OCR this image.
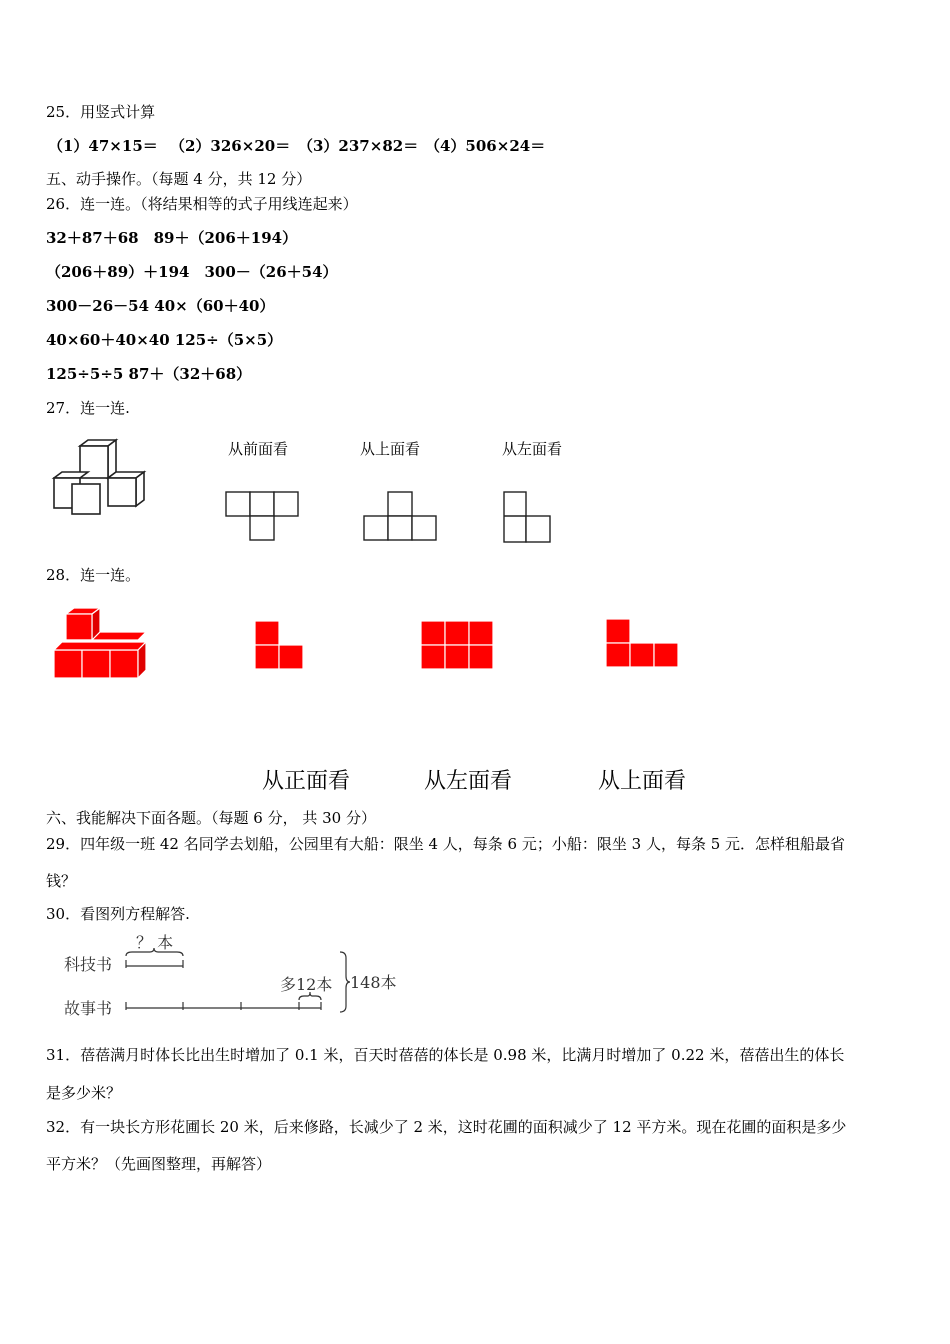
25．用竖式计算
（1）47×15＝ （2）326×20＝ （3）237×82＝ （4）506×24＝
五、动手操作。（每题 4 分，共 12 分）
26．连一连。（将结果相等的式子用线连起来）
32＋87＋68　89＋（206＋194）
（206＋89）＋194　300－（26＋54）
300－26－54 40×（60＋40）
40×60＋40×40 125÷（5×5）
125÷5÷5 87＋（32＋68）
27．连一连.
从前面看	从上面看	从左面看
28．连一连。
从正面看	从左面看	从上面看
六、我能解决下面各题。（每题 6 分， 共 30 分）
29．四年级一班 42 名同学去划船，公园里有大船：限坐 4 人，每条 6 元；小船：限坐 3 人，每条 5 元．怎样租船最省
钱？
30．看图列方程解答.
科技书
故事书
？ 本
多12本 148本
31．蓓蓓满月时体长比出生时增加了 0.1 米，百天时蓓蓓的体长是 0.98 米，比满月时增加了 0.22 米，蓓蓓出生的体长
是多少米？
32．有一块长方形花圃长 20 米，后来修路，长减少了 2 米，这时花圃的面积减少了 12 平方米。现在花圃的面积是多少
平方米？（先画图整理，再解答）
